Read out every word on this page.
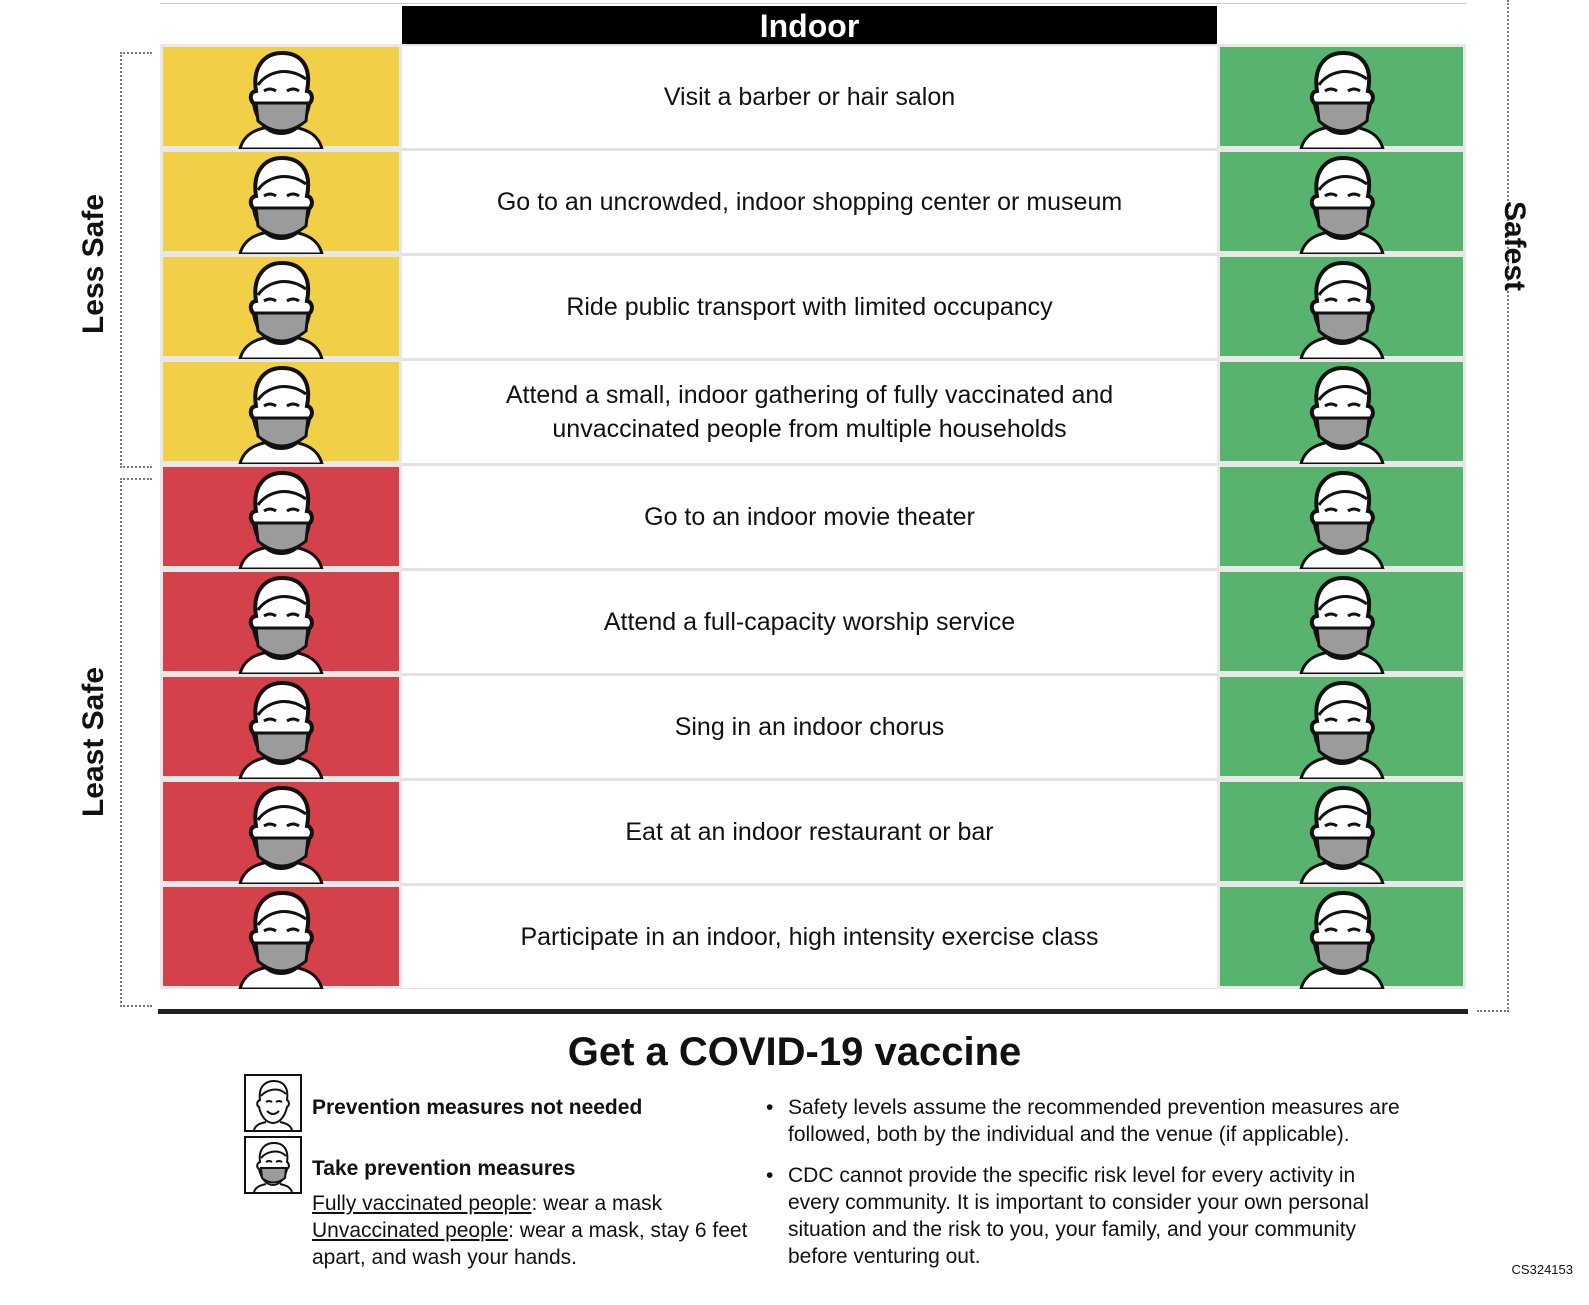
Indoor
Less Safe
Least Safe
Safest
Visit a barber or hair salon
Go to an uncrowded, indoor shopping center or museum
Ride public transport with limited occupancy
Attend a small, indoor gathering of fully vaccinated and unvaccinated people from multiple households
Go to an indoor movie theater
Attend a full-capacity worship service
Sing in an indoor chorus
Eat at an indoor restaurant or bar
Participate in an indoor, high intensity exercise class
Get a COVID-19 vaccine
Prevention measures not needed
Take prevention measures
Fully vaccinated people: wear a mask
Unvaccinated people: wear a mask, stay 6 feet
apart, and wash your hands.
• Safety levels assume the recommended prevention measures are followed, both by the individual and the venue (if applicable).
• CDC cannot provide the specific risk level for every activity in every community. It is important to consider your own personal situation and the risk to you, your family, and your community before venturing out.
CS324153
